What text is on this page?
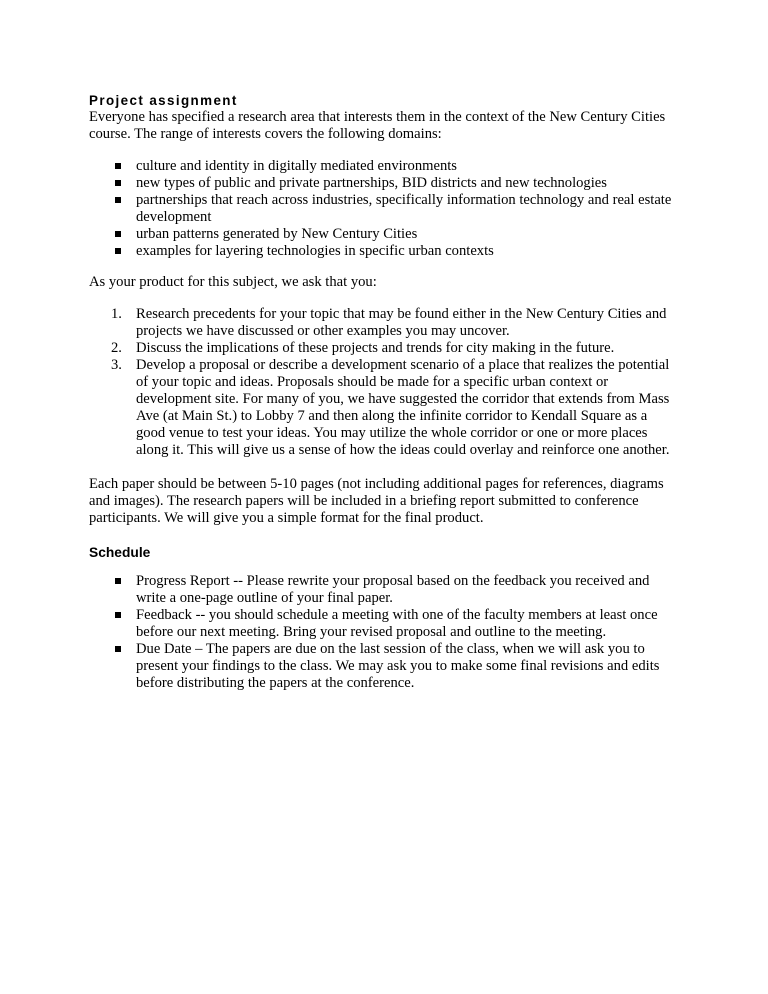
Project assignment

Everyone has specified a research area that interests them in the context of the New Century Cities course. The range of interests covers the following domains:

culture and identity in digitally mediated environments
new types of public and private partnerships, BID districts and new technologies
partnerships that reach across industries, specifically information technology and real estate development
urban patterns generated by New Century Cities
examples for layering technologies in specific urban contexts

As your product for this subject, we ask that you:

1. Research precedents for your topic that may be found either in the New Century Cities and projects we have discussed or other examples you may uncover.
2. Discuss the implications of these projects and trends for city making in the future.
3. Develop a proposal or describe a development scenario of a place that realizes the potential of your topic and ideas. Proposals should be made for a specific urban context or development site. For many of you, we have suggested the corridor that extends from Mass Ave (at Main St.) to Lobby 7 and then along the infinite corridor to Kendall Square as a good venue to test your ideas. You may utilize the whole corridor or one or more places along it. This will give us a sense of how the ideas could overlay and reinforce one another.

Each paper should be between 5-10 pages (not including additional pages for references, diagrams and images). The research papers will be included in a briefing report submitted to conference participants. We will give you a simple format for the final product.

Schedule
Progress Report -- Please rewrite your proposal based on the feedback you received and write a one-page outline of your final paper.
Feedback -- you should schedule a meeting with one of the faculty members at least once before our next meeting. Bring your revised proposal and outline to the meeting.
Due Date – The papers are due on the last session of the class, when we will ask you to present your findings to the class. We may ask you to make some final revisions and edits before distributing the papers at the conference.
